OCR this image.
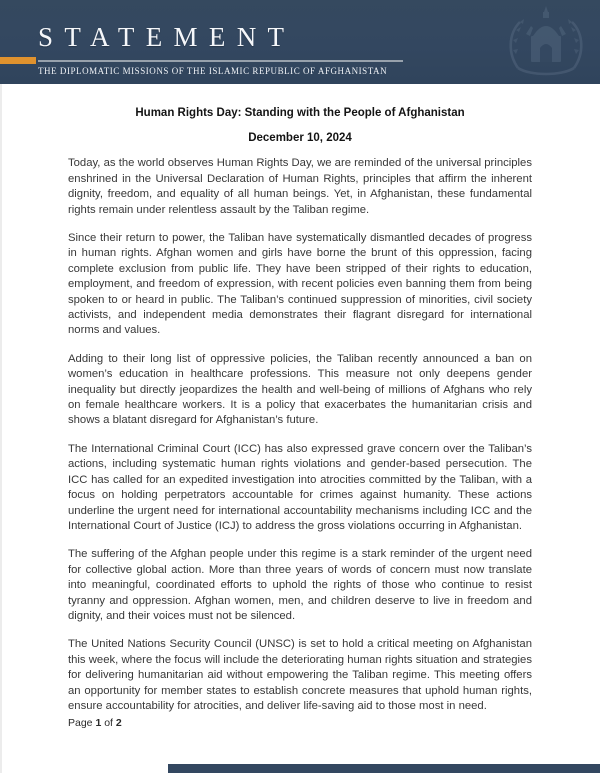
STATEMENT
THE DIPLOMATIC MISSIONS OF THE ISLAMIC REPUBLIC OF AFGHANISTAN
Human Rights Day: Standing with the People of Afghanistan
December 10, 2024

Today, as the world observes Human Rights Day, we are reminded of the universal principles enshrined in the Universal Declaration of Human Rights, principles that affirm the inherent dignity, freedom, and equality of all human beings. Yet, in Afghanistan, these fundamental rights remain under relentless assault by the Taliban regime.

Since their return to power, the Taliban have systematically dismantled decades of progress in human rights. Afghan women and girls have borne the brunt of this oppression, facing complete exclusion from public life. They have been stripped of their rights to education, employment, and freedom of expression, with recent policies even banning them from being spoken to or heard in public. The Taliban’s continued suppression of minorities, civil society activists, and independent media demonstrates their flagrant disregard for international norms and values.

Adding to their long list of oppressive policies, the Taliban recently announced a ban on women’s education in healthcare professions. This measure not only deepens gender inequality but directly jeopardizes the health and well-being of millions of Afghans who rely on female healthcare workers. It is a policy that exacerbates the humanitarian crisis and shows a blatant disregard for Afghanistan’s future.

The International Criminal Court (ICC) has also expressed grave concern over the Taliban’s actions, including systematic human rights violations and gender-based persecution. The ICC has called for an expedited investigation into atrocities committed by the Taliban, with a focus on holding perpetrators accountable for crimes against humanity. These actions underline the urgent need for international accountability mechanisms including ICC and the International Court of Justice (ICJ) to address the gross violations occurring in Afghanistan.

The suffering of the Afghan people under this regime is a stark reminder of the urgent need for collective global action. More than three years of words of concern must now translate into meaningful, coordinated efforts to uphold the rights of those who continue to resist tyranny and oppression. Afghan women, men, and children deserve to live in freedom and dignity, and their voices must not be silenced.

The United Nations Security Council (UNSC) is set to hold a critical meeting on Afghanistan this week, where the focus will include the deteriorating human rights situation and strategies for delivering humanitarian aid without empowering the Taliban regime. This meeting offers an opportunity for member states to establish concrete measures that uphold human rights, ensure accountability for atrocities, and deliver life-saving aid to those most in need.

Page 1 of 2
